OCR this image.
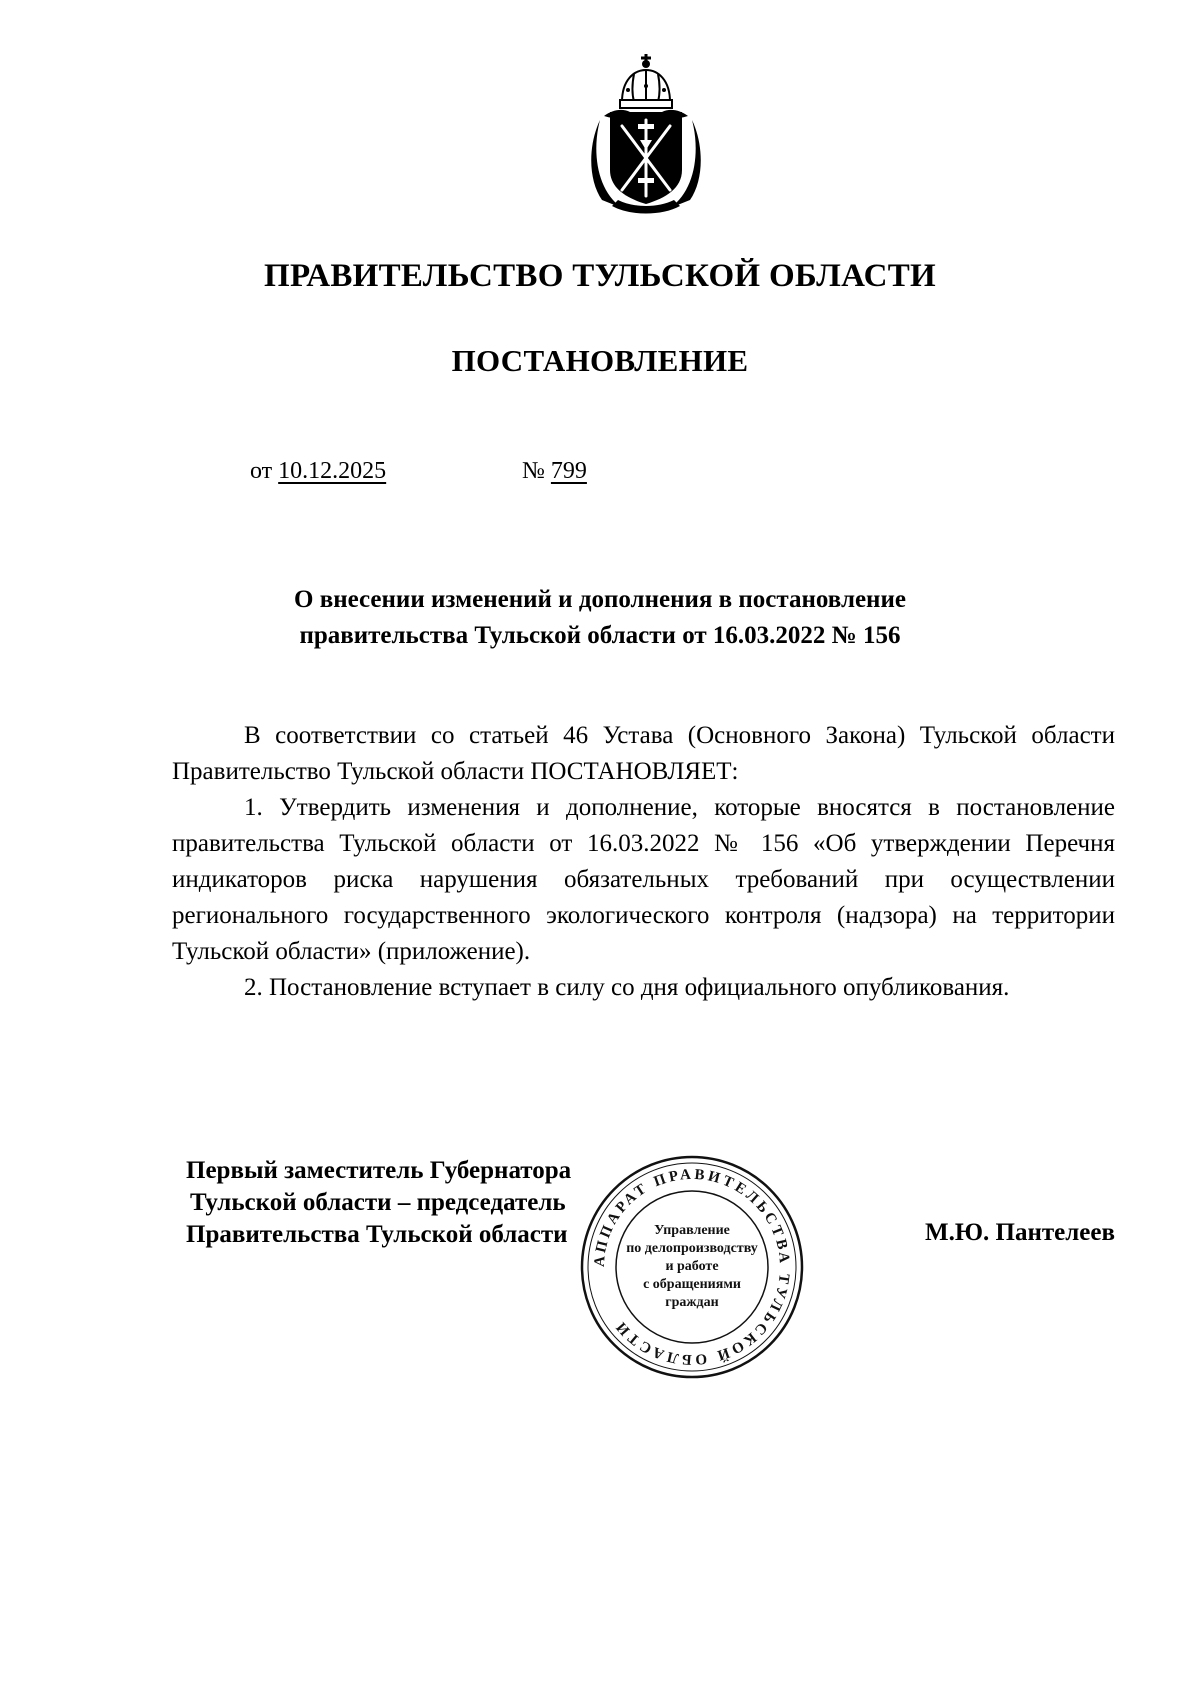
ПРАВИТЕЛЬСТВО ТУЛЬСКОЙ ОБЛАСТИ
ПОСТАНОВЛЕНИЕ
от 10.12.2025	№ 799
О внесении изменений и дополнения в постановление
правительства Тульской области от 16.03.2022 № 156

В соответствии со статьей 46 Устава (Основного Закона) Тульской области Правительство Тульской области ПОСТАНОВЛЯЕТ:

1. Утвердить изменения и дополнение, которые вносятся в постановление правительства Тульской области от 16.03.2022 № 156 «Об утверждении Перечня индикаторов риска нарушения обязательных требований при осуществлении регионального государственного экологического контроля (надзора) на территории Тульской области» (приложение).

2. Постановление вступает в силу со дня официального опубликования.

Первый заместитель Губернатора
Тульской области – председатель
Правительства Тульской области
АППАРАТ ПРАВИТЕЛЬСТВА ТУЛЬСКОЙ ОБЛАСТИ
Управление
по делопроизводству
и работе
с обращениями
граждан
М.Ю. Пантелеев
